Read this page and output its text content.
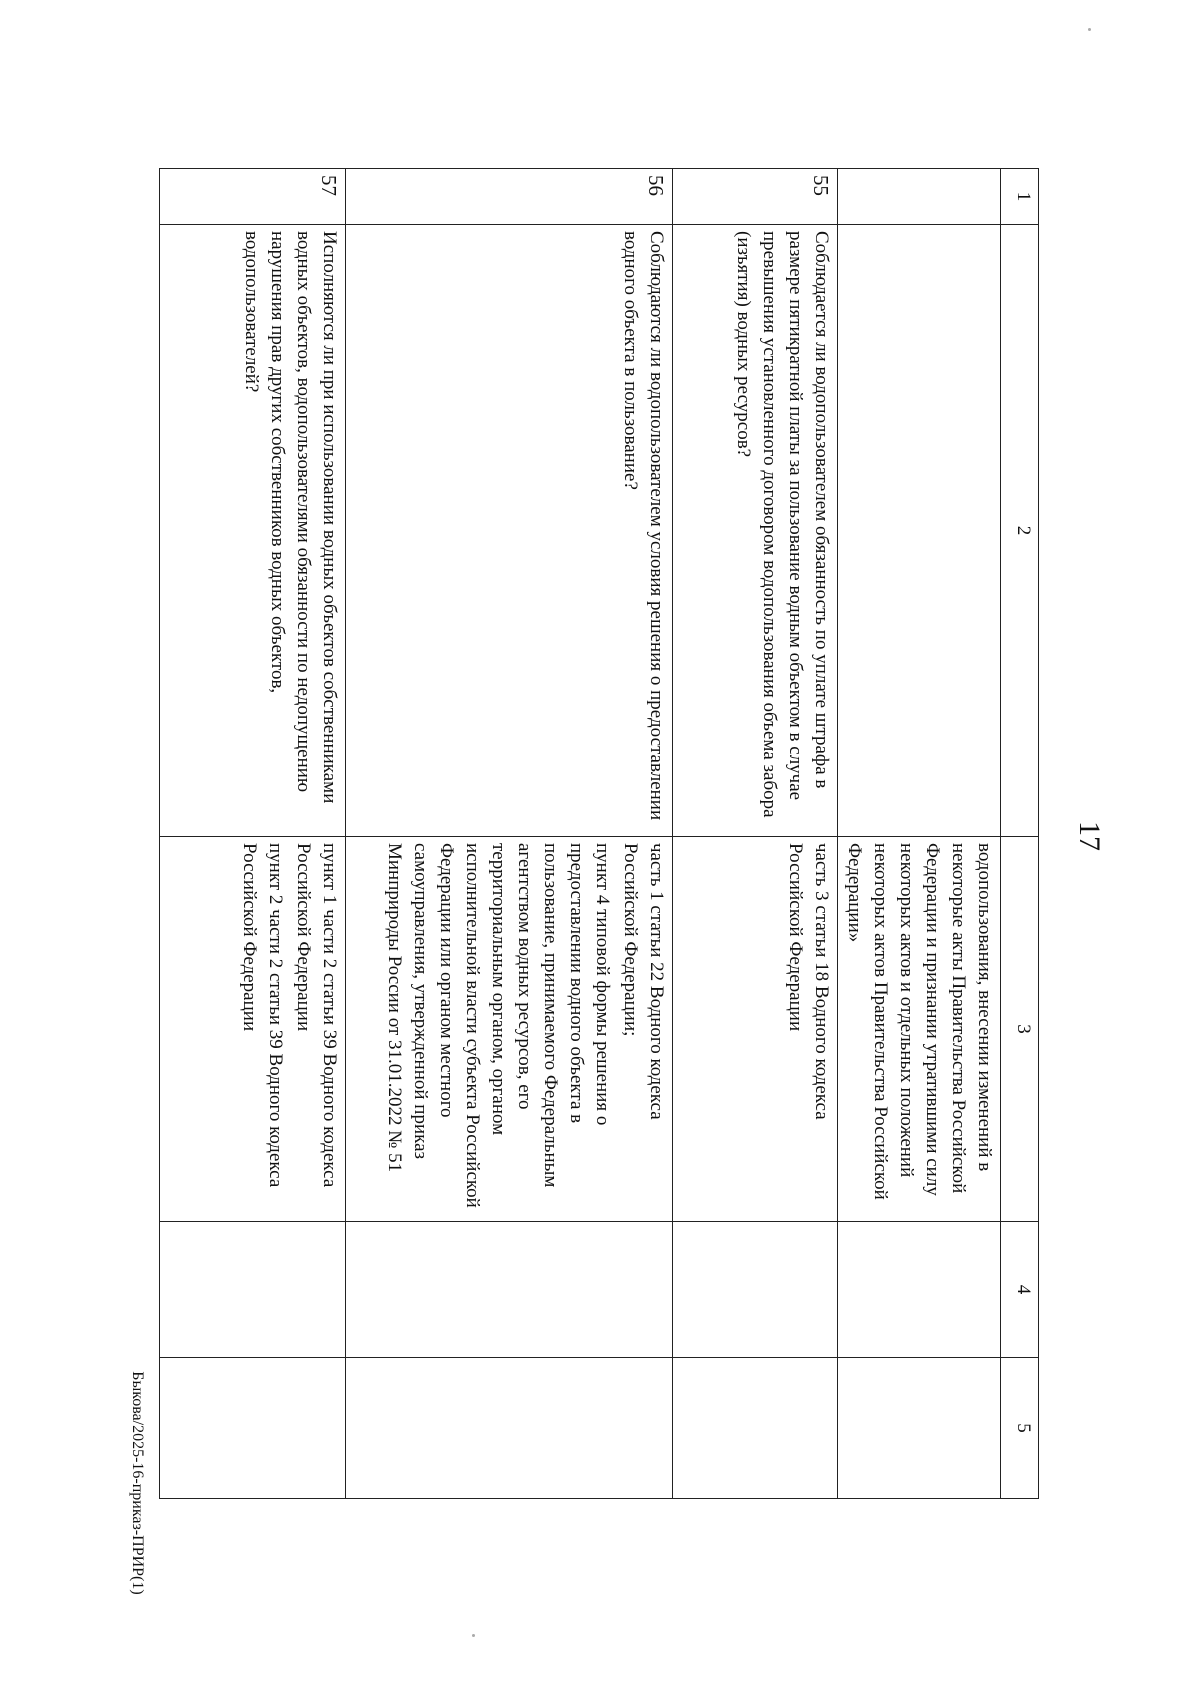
17
1	2	3	4	5

		водопользования, внесении изменений в некоторые акты Правительства Российской Федерации и признании утратившими силу некоторых актов и отдельных положений некоторых актов Правительства Российской Федерации»		

55	Соблюдается ли водопользователем обязанность по уплате штрафа в размере пятикратной платы за пользование водным объектом в случае превышения установленного договором водопользования объема забора (изъятия) водных ресурсов?	часть 3 статьи 18 Водного кодекса Российской Федерации		

56	Соблюдаются ли водопользователем условия решения о предоставлении водного объекта в пользование?	часть 1 статьи 22 Водного кодекса Российской Федерации;
пункт 4 типовой формы решения о предоставлении водного объекта в пользование, принимаемого Федеральным агентством водных ресурсов, его территориальным органом, органом исполнительной власти субъекта Российской Федерации или органом местного самоуправления, утвержденной приказ Минприроды России от 31.01.2022 № 51		

57	Исполняются ли при использовании водных объектов собственниками водных объектов, водопользователями обязанности по недопущению нарушения прав других собственников водных объектов, водопользователей?	пункт 1 части 2 статьи 39 Водного кодекса Российской Федерации
пункт 2 части 2 статьи 39 Водного кодекса Российской Федерации		

Быкова/2025-16-приказ-ПРИР(1)
